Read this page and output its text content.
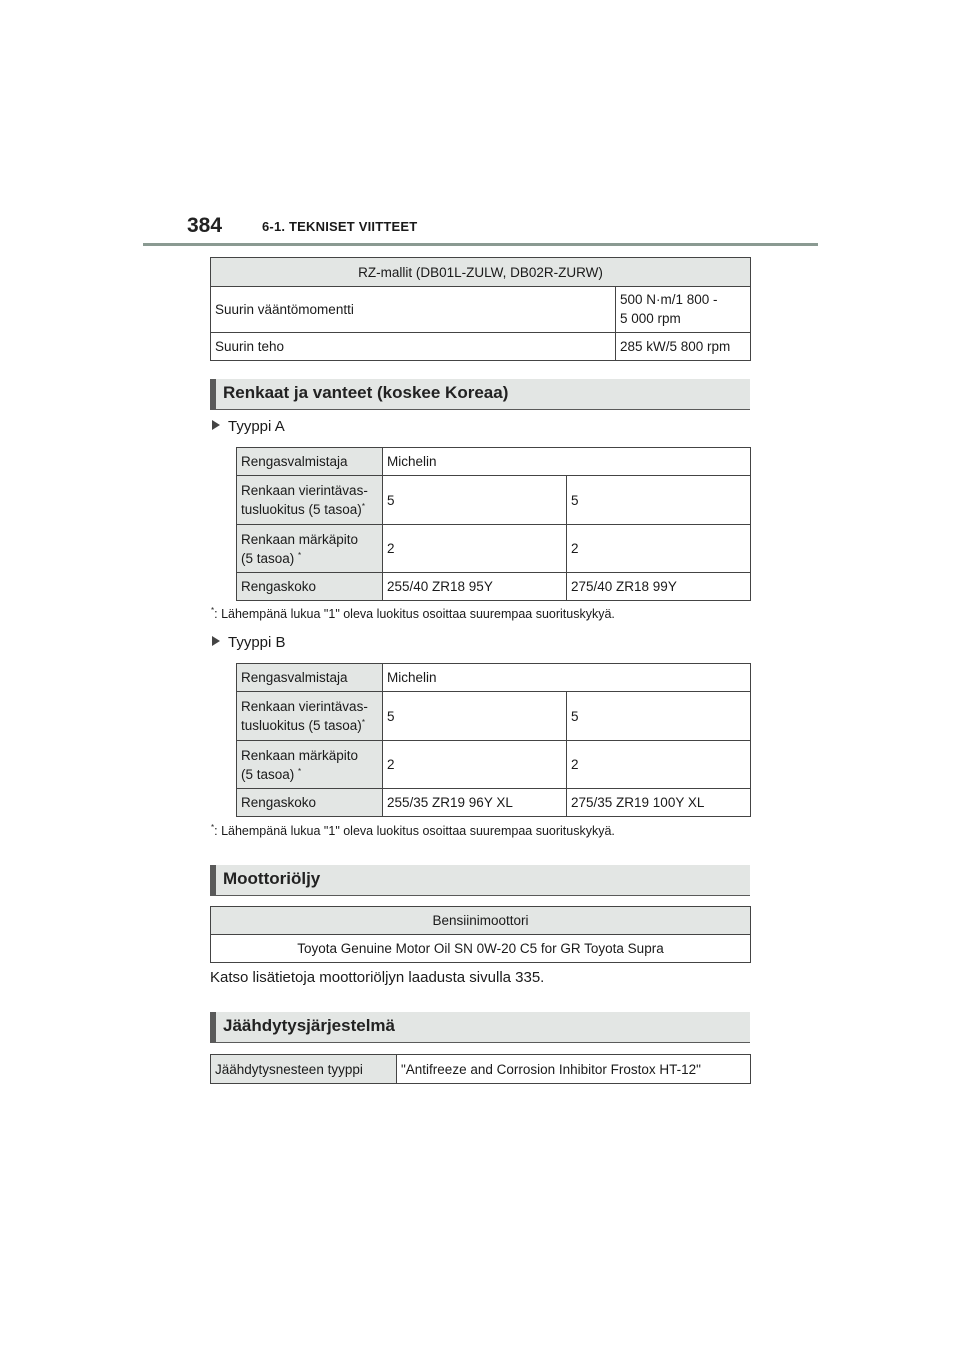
384	6-1. TEKNISET VIITTEET
RZ-mallit (DB01L-ZULW, DB02R-ZURW)	
Suurin vääntömomentti	500 N·m/1 800 -
5 000 rpm

Suurin teho	285 kW/5 800 rpm
Renkaat ja vanteet (koskee Koreaa)
Tyyppi A
Rengasvalmistaja	Michelin	

Renkaan vierintävas-
tusluokitus (5 tasoa)*	5	5

Renkaan märkäpito
(5 tasoa) *	2	2
Rengaskoko	255/40 ZR18 95Y	275/40 ZR18 99Y
*: Lähempänä lukua "1" oleva luokitus osoittaa suurempaa suorituskykyä.
Tyyppi B
Rengasvalmistaja	Michelin	

Renkaan vierintävas-
tusluokitus (5 tasoa)*	5	5

Renkaan märkäpito
(5 tasoa) *	2	2
Rengaskoko	255/35 ZR19 96Y XL	275/35 ZR19 100Y XL
*: Lähempänä lukua "1" oleva luokitus osoittaa suurempaa suorituskykyä.
Moottoriöljy
Bensiinimoottori
Toyota Genuine Motor Oil SN 0W-20 C5 for GR Toyota Supra
Katso lisätietoja moottoriöljyn laadusta sivulla 335.
Jäähdytysjärjestelmä
Jäähdytysnesteen tyyppi	"Antifreeze and Corrosion Inhibitor Frostox HT-12"
